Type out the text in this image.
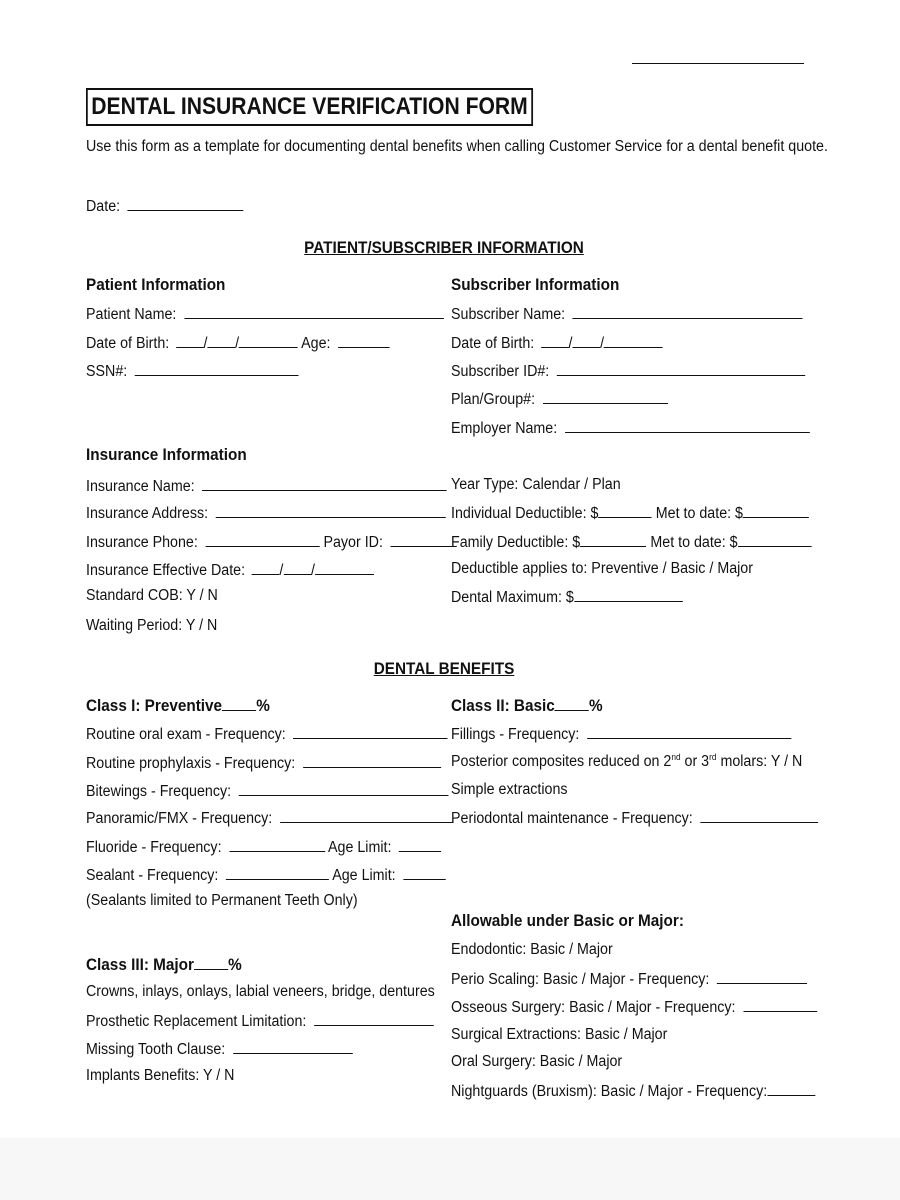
DENTAL INSURANCE VERIFICATION FORM
Use this form as a template for documenting dental benefits when calling Customer Service for a dental benefit quote.
Date:
PATIENT/SUBSCRIBER INFORMATION
Patient Information
Patient Name:
Date of Birth: / /	Age:
SSN#:
Subscriber Information
Subscriber Name:
Date of Birth: / /
Subscriber ID#:
Plan/Group#:
Employer Name:
Insurance Information
Insurance Name:
Insurance Address:
Insurance Phone:	Payor ID:
Insurance Effective Date: / /
Standard COB: Y / N
Waiting Period: Y / N
Year Type: Calendar / Plan
Individual Deductible: $	Met to date: $
Family Deductible: $	Met to date: $
Deductible applies to: Preventive / Basic / Major
Dental Maximum: $
DENTAL BENEFITS
Class I: Preventive %
Routine oral exam - Frequency:
Routine prophylaxis - Frequency:
Bitewings - Frequency:
Panoramic/FMX - Frequency:
Fluoride - Frequency:	Age Limit:
Sealant - Frequency:	Age Limit:
(Sealants limited to Permanent Teeth Only)
Class II: Basic %
Fillings - Frequency:
Posterior composites reduced on 2nd or 3rd molars: Y / N
Simple extractions
Periodontal maintenance - Frequency:
Allowable under Basic or Major:
Endodontic: Basic / Major
Perio Scaling: Basic / Major - Frequency:
Osseous Surgery: Basic / Major - Frequency:
Surgical Extractions: Basic / Major
Oral Surgery: Basic / Major
Nightguards (Bruxism): Basic / Major - Frequency:
Class III: Major %
Crowns, inlays, onlays, labial veneers, bridge, dentures
Prosthetic Replacement Limitation:
Missing Tooth Clause:
Implants Benefits: Y / N
